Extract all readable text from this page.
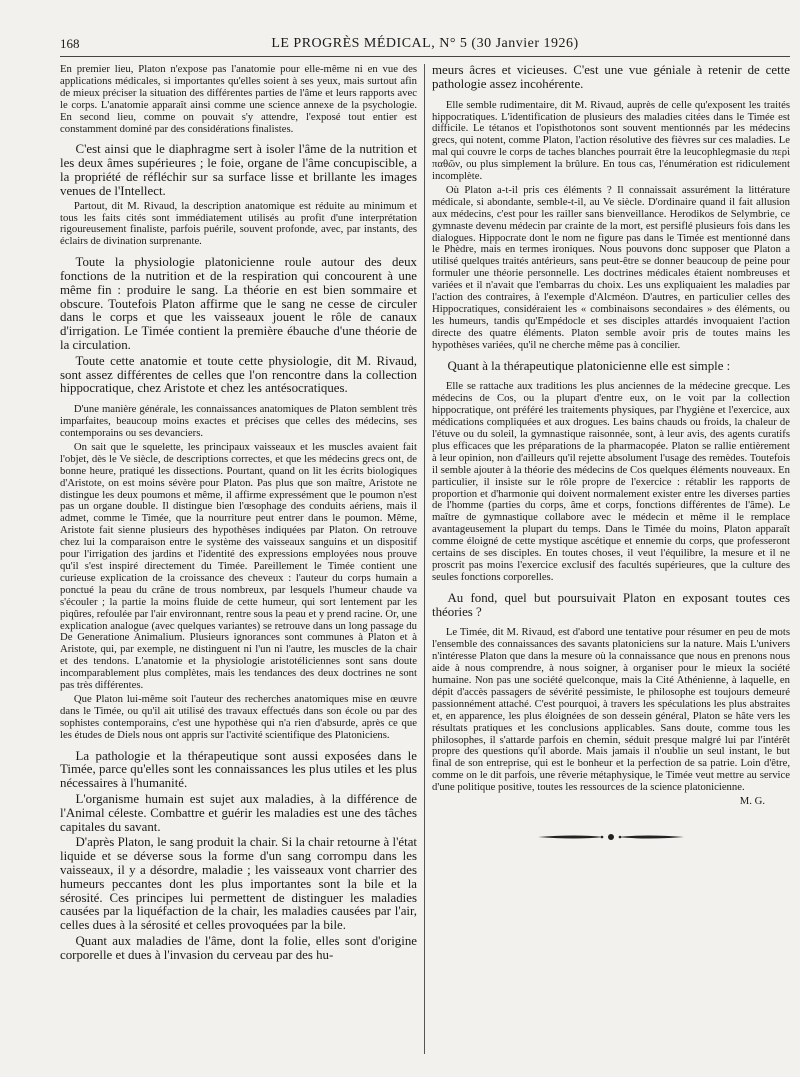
168	LE PROGRÈS MÉDICAL, N° 5 (30 Janvier 1926)

En premier lieu, Platon n'expose pas l'anatomie pour elle-même ni en vue des applications médicales, si importantes qu'elles soient à ses yeux, mais surtout afin de mieux préciser la situation des différentes parties de l'âme et leurs rapports avec le corps. L'anatomie apparaît ainsi comme une science annexe de la psychologie. En second lieu, comme on pouvait s'y attendre, l'exposé tout entier est constamment dominé par des considérations finalistes.

C'est ainsi que le diaphragme sert à isoler l'âme de la nutrition et les deux âmes supérieures ; le foie, organe de l'âme concupiscible, a la propriété de réfléchir sur sa surface lisse et brillante les images venues de l'Intellect.

Partout, dit M. Rivaud, la description anatomique est réduite au minimum et tous les faits cités sont immédiatement utilisés au profit d'une interprétation rigoureusement finaliste, parfois puérile, souvent profonde, avec, par instants, des éclairs de divination surprenante.

Toute la physiologie platonicienne roule autour des deux fonctions de la nutrition et de la respiration qui concourent à une même fin : produire le sang. La théorie en est bien sommaire et obscure. Toutefois Platon affirme que le sang ne cesse de circuler dans le corps et que les vaisseaux jouent le rôle de canaux d'irrigation. Le Timée contient la première ébauche d'une théorie de la circulation.

Toute cette anatomie et toute cette physiologie, dit M. Rivaud, sont assez différentes de celles que l'on rencontre dans la collection hippocratique, chez Aristote et chez les antésocratiques.

D'une manière générale, les connaissances anatomiques de Platon semblent très imparfaites, beaucoup moins exactes et précises que celles des médecins, ses contemporains ou ses devanciers.

On sait que le squelette, les principaux vaisseaux et les muscles avaient fait l'objet, dès le Ve siècle, de descriptions correctes, et que les médecins grecs ont, de bonne heure, pratiqué les dissections. Pourtant, quand on lit les écrits biologiques d'Aristote, on est moins sévère pour Platon. Pas plus que son maître, Aristote ne distingue les deux poumons et même, il affirme expressément que le poumon n'est pas un organe double. Il distingue bien l'œsophage des conduits aériens, mais il admet, comme le Timée, que la nourriture peut entrer dans le poumon. Même, Aristote fait sienne plusieurs des hypothèses indiquées par Platon. On retrouve chez lui la comparaison entre le système des vaisseaux sanguins et un dispositif pour l'irrigation des jardins et l'identité des expressions employées nous prouve qu'il s'est inspiré directement du Timée. Pareillement le Timée contient une curieuse explication de la croissance des cheveux : l'auteur du corps humain a ponctué la peau du crâne de trous nombreux, par lesquels l'humeur chaude va s'écouler ; la partie la moins fluide de cette humeur, qui sort lentement par les piqûres, refoulée par l'air environnant, rentre sous la peau et y prend racine. Or, une explication analogue (avec quelques variantes) se retrouve dans un long passage du De Generatione Animalium. Plusieurs ignorances sont communes à Platon et à Aristote, qui, par exemple, ne distinguent ni l'un ni l'autre, les muscles de la chair et des tendons. L'anatomie et la physiologie aristotéliciennes sont sans doute incomparablement plus complètes, mais les tendances des deux doctrines ne sont pas très différentes.

Que Platon lui-même soit l'auteur des recherches anatomiques mise en œuvre dans le Timée, ou qu'il ait utilisé des travaux effectués dans son école ou par des sophistes contemporains, c'est une hypothèse qui n'a rien d'absurde, après ce que les études de Diels nous ont appris sur l'activité scientifique des Platoniciens.

La pathologie et la thérapeutique sont aussi exposées dans le Timée, parce qu'elles sont les connaissances les plus utiles et les plus nécessaires à l'humanité.

L'organisme humain est sujet aux maladies, à la différence de l'Animal céleste. Combattre et guérir les maladies est une des tâches capitales du savant.

D'après Platon, le sang produit la chair. Si la chair retourne à l'état liquide et se déverse sous la forme d'un sang corrompu dans les vaisseaux, il y a désordre, maladie ; les vaisseaux vont charrier des humeurs peccantes dont les plus importantes sont la bile et la sérosité. Ces principes lui permettent de distinguer les maladies causées par la liquéfaction de la chair, les maladies causées par l'air, celles dues à la sérosité et celles provoquées par la bile.

Quant aux maladies de l'âme, dont la folie, elles sont d'origine corporelle et dues à l'invasion du cerveau par des hu-

meurs âcres et vicieuses. C'est une vue géniale à retenir de cette pathologie assez incohérente.

Elle semble rudimentaire, dit M. Rivaud, auprès de celle qu'exposent les traités hippocratiques. L'identification de plusieurs des maladies citées dans le Timée est difficile. Le tétanos et l'opisthotonos sont souvent mentionnés par les médecins grecs, qui notent, comme Platon, l'action résolutive des fièvres sur ces maladies. Le mal qui couvre le corps de taches blanches pourrait être la leucophlegmasie du περὶ παθῶν, ou plus simplement la brûlure. En tous cas, l'énumération est ridiculement incomplète.

Où Platon a-t-il pris ces éléments ? Il connaissait assurément la littérature médicale, si abondante, semble-t-il, au Ve siècle. D'ordinaire quand il fait allusion aux médecins, c'est pour les railler sans bienveillance. Herodikos de Selymbrie, ce gymnaste devenu médecin par crainte de la mort, est persiflé plusieurs fois dans les dialogues. Hippocrate dont le nom ne figure pas dans le Timée est mentionné dans le Phèdre, mais en termes ironiques. Nous pouvons donc supposer que Platon a utilisé quelques traités antérieurs, sans peut-être se donner beaucoup de peine pour formuler une théorie personnelle. Les doctrines médicales étaient nombreuses et variées et il n'avait que l'embarras du choix. Les uns expliquaient les maladies par l'action des contraires, à l'exemple d'Alcméon. D'autres, en particulier celles des Hippocratiques, considéraient les « combinaisons secondaires » des éléments, ou les humeurs, tandis qu'Empédocle et ses disciples attardés invoquaient l'action directe des quatre éléments. Platon semble avoir pris de toutes mains les hypothèses variées, qu'il ne cherche même pas à concilier.

Quant à la thérapeutique platonicienne elle est simple :

Elle se rattache aux traditions les plus anciennes de la médecine grecque. Les médecins de Cos, ou la plupart d'entre eux, on le voit par la collection hippocratique, ont préféré les traitements physiques, par l'hygiène et l'exercice, aux médications compliquées et aux drogues. Les bains chauds ou froids, la chaleur de l'étuve ou du soleil, la gymnastique raisonnée, sont, à leur avis, des agents curatifs plus efficaces que les préparations de la pharmacopée. Platon se rallie entièrement à leur opinion, non d'ailleurs qu'il rejette absolument l'usage des remèdes. Toutefois il semble ajouter à la théorie des médecins de Cos quelques éléments nouveaux. En particulier, il insiste sur le rôle propre de l'exercice : rétablir les rapports de proportion et d'harmonie qui doivent normalement exister entre les diverses parties de l'homme (parties du corps, âme et corps, fonctions différentes de l'âme). Le maître de gymnastique collabore avec le médecin et même il le remplace avantageusement la plupart du temps. Dans le Timée du moins, Platon apparaît comme éloigné de cette mystique ascétique et ennemie du corps, que professeront certains de ses disciples. En toutes choses, il veut l'équilibre, la mesure et il ne proscrit pas moins l'exercice exclusif des facultés supérieures, que la culture des seules fonctions corporelles.

Au fond, quel but poursuivait Platon en exposant toutes ces théories ?

Le Timée, dit M. Rivaud, est d'abord une tentative pour résumer en peu de mots l'ensemble des connaissances des savants platoniciens sur la nature. Mais L'univers n'intéresse Platon que dans la mesure où la connaissance que nous en prenons nous aide à nous comprendre, à nous soigner, à organiser pour le mieux la société humaine. Non pas une société quelconque, mais la Cité Athénienne, à laquelle, en dépit d'accès passagers de sévérité pessimiste, le philosophe est toujours demeuré passionnément attaché. C'est pourquoi, à travers les spéculations les plus abstraites et, en apparence, les plus éloignées de son dessein général, Platon se hâte vers les résultats pratiques et les conclusions applicables. Sans doute, comme tous les philosophes, il s'attarde parfois en chemin, séduit presque malgré lui par l'intérêt propre des questions qu'il aborde. Mais jamais il n'oublie un seul instant, le but final de son entreprise, qui est le bonheur et la perfection de sa patrie. Loin d'être, comme on le dit parfois, une rêverie métaphysique, le Timée veut mettre au service d'une politique positive, toutes les ressources de la science platonicienne.

M. G.
